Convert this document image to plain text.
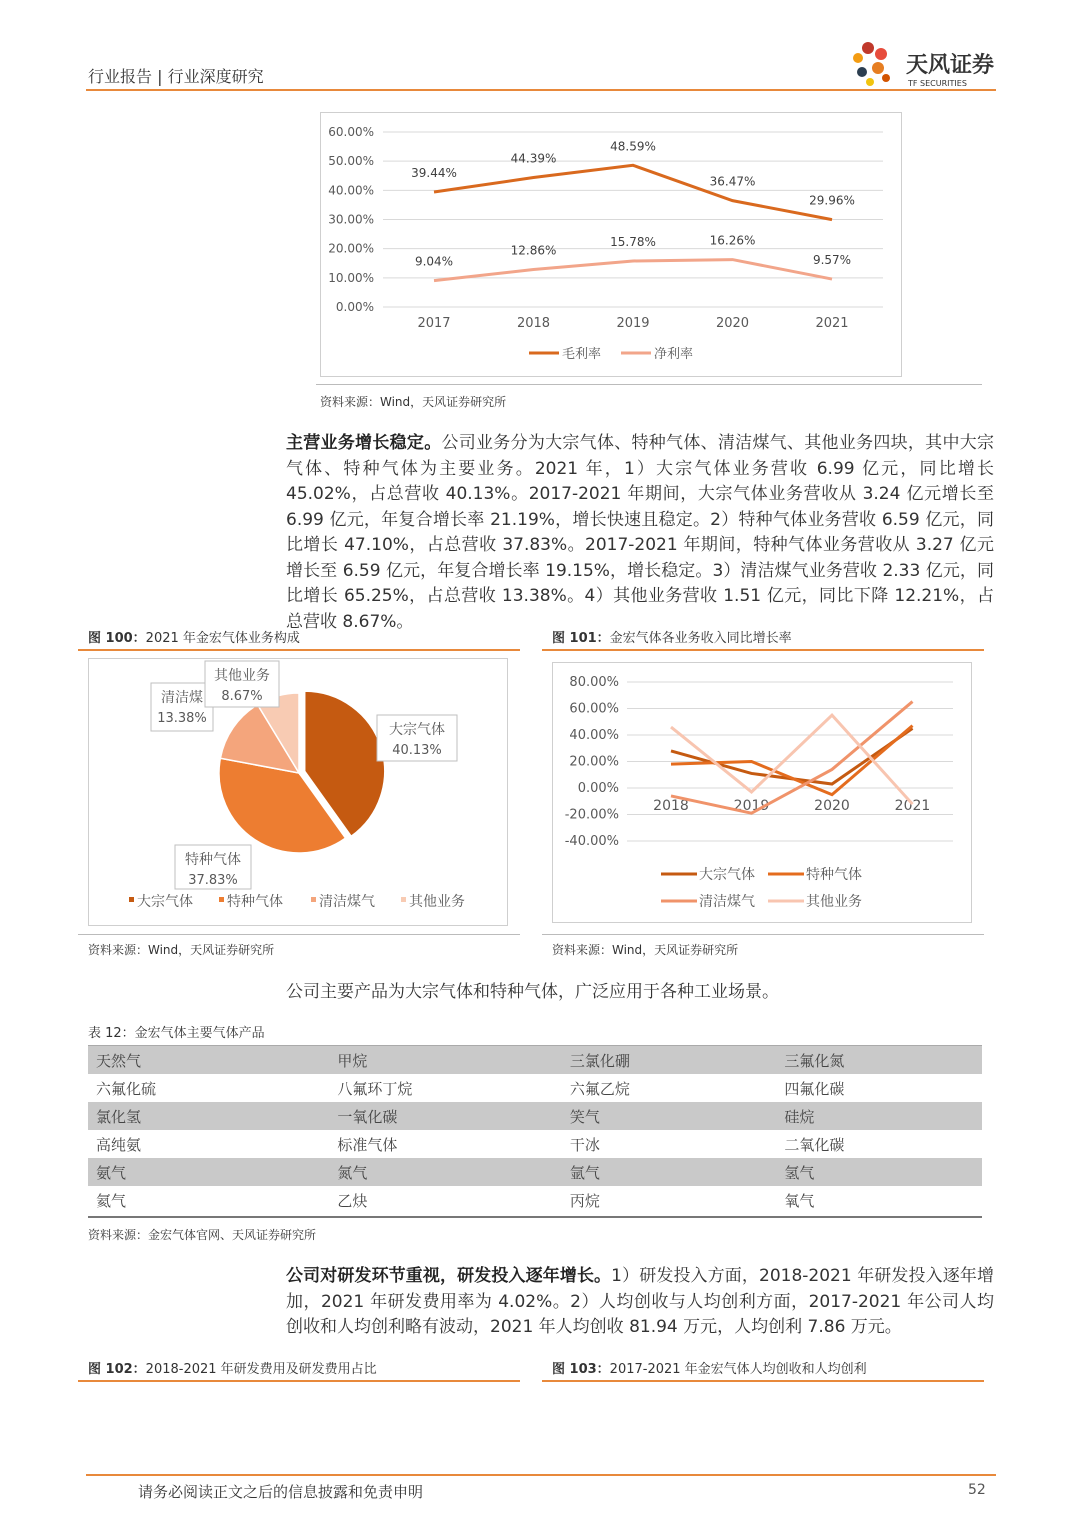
行业报告 | 行业深度研究	天风证券
TF SECURITIES
0.00%
10.00%
20.00%
30.00%
40.00%
50.00%
60.00%
2017	2018	2019	2020	2021
39.44%
44.39%
48.59%
36.47%
29.96%
毛利率
9.04%
12.86%
15.78%	16.26%
9.57%
净利率
资料来源：Wind，天风证券研究所
主营业务增长稳定。公司业务分为大宗气体、特种气体、清洁煤气、其他业务四块，其中大宗气体、特种气体为主要业务。2021 年，1）大宗气体业务营收 6.99 亿元，同比增长 45.02%，占总营收 40.13%。2017-2021 年期间，大宗气体业务营收从 3.24 亿元增长至 6.99 亿元，年复合增长率 21.19%，增长快速且稳定。2）特种气体业务营收 6.59 亿元，同比增长 47.10%，占总营收 37.83%。2017-2021 年期间，特种气体业务营收从 3.27 亿元增长至 6.59 亿元，年复合增长率 19.15%，增长稳定。3）清洁煤气业务营收 2.33 亿元，同比增长 65.25%，占总营收 13.38%。4）其他业务营收 1.51 亿元，同比下降 12.21%，占总营收 8.67%。
图 100：2021 年金宏气体业务构成
大宗气体
40.13%
特种气体
37.83%
清洁煤
13.38%
其他业务
8.67%
大宗气体 特种气体	清洁煤气 其他业务
资料来源：Wind，天风证券研究所
图 101：金宏气体各业务收入同比增长率
-40.00%
-20.00%
0.00%
20.00%
40.00%
60.00%
80.00%
2018	2019	2020	2021
大宗气体	特种气体
清洁煤气	其他业务
资料来源：Wind，天风证券研究所
公司主要产品为大宗气体和特种气体，广泛应用于各种工业场景。
表 12：金宏气体主要气体产品
天然气	甲烷	三氯化硼	三氟化氮
六氟化硫	八氟环丁烷	六氟乙烷	四氟化碳
氯化氢	一氧化碳	笑气	硅烷
高纯氨	标准气体	干冰	二氧化碳
氨气	氮气	氩气	氢气
氦气	乙炔	丙烷	氧气
资料来源：金宏气体官网、天风证券研究所
公司对研发环节重视，研发投入逐年增长。1）研发投入方面，2018-2021 年研发投入逐年增加，2021 年研发费用率为 4.02%。2）人均创收与人均创利方面，2017-2021 年公司人均创收和人均创利略有波动，2021 年人均创收 81.94 万元，人均创利 7.86 万元。
图 102：2018-2021 年研发费用及研发费用占比	图 103：2017-2021 年金宏气体人均创收和人均创利
请务必阅读正文之后的信息披露和免责申明	52
